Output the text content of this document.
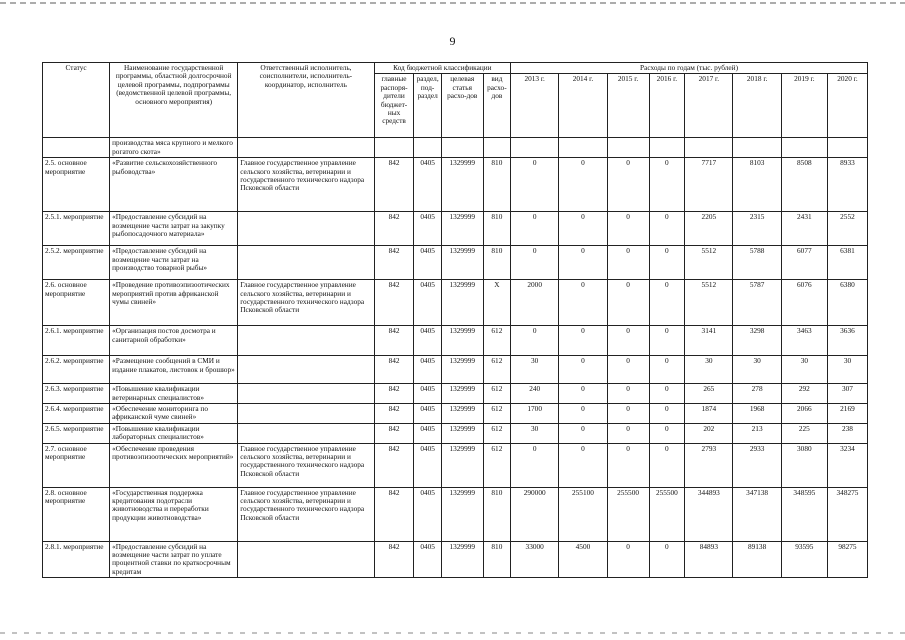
9
Статус	Наименование государственной программы, областной долгосрочной целевой программы, подпрограммы (ведомственной целевой программы, основного мероприятия)	Ответственный исполнитель, соисполнители, исполнитель-координатор, исполнитель	Код бюджетной классификации				Расходы по годам (тыс. рублей)							
			главные распоря-дители бюджет-ных средств	раздел, под-раздел	целевая статья расхо-дов	вид расхо-дов	2013 г.	2014 г.	2015 г.	2016 г.	2017 г.	2018 г.	2019 г.	2020 г.
	производства мяса крупного и мелкого рогатого скота»													
2.5. основное мероприятие	«Развитие сельскохозяйственного рыбоводства»	Главное государственное управление сельского хозяйства, ветеринарии и государственного технического надзора Псковской области	842	0405	1329999	810	0	0	0	0	7717	8103	8508	8933
2.5.1. мероприятие	«Предоставление субсидий на возмещение части затрат на закупку рыбопосадочного материала»		842	0405	1329999	810	0	0	0	0	2205	2315	2431	2552
2.5.2. мероприятие	«Предоставление субсидий на возмещение части затрат на производство товарной рыбы»		842	0405	1329999	810	0	0	0	0	5512	5788	6077	6381
2.6. основное мероприятие	«Проведение противоэпизоотических мероприятий против африканской чумы свиней»	Главное государственное управление сельского хозяйства, ветеринарии и государственного технического надзора Псковской области	842	0405	1329999	Х	2000	0	0	0	5512	5787	6076	6380
2.6.1. мероприятие	«Организация постов досмотра и санитарной обработки»		842	0405	1329999	612	0	0	0	0	3141	3298	3463	3636
2.6.2. мероприятие	«Размещение сообщений в СМИ и издание плакатов, листовок и брошюр»		842	0405	1329999	612	30	0	0	0	30	30	30	30
2.6.3. мероприятие	«Повышение квалификации ветеринарных специалистов»		842	0405	1329999	612	240	0	0	0	265	278	292	307
2.6.4. мероприятие	«Обеспечение мониторинга по африканской чуме свиней»		842	0405	1329999	612	1700	0	0	0	1874	1968	2066	2169
2.6.5. мероприятие	«Повышение квалификации лабораторных специалистов»		842	0405	1329999	612	30	0	0	0	202	213	225	238
2.7. основное мероприятие	«Обеспечение проведения противоэпизоотических мероприятий»	Главное государственное управление сельского хозяйства, ветеринарии и государственного технического надзора Псковской области	842	0405	1329999	612	0	0	0	0	2793	2933	3080	3234
2.8. основное мероприятие	«Государственная поддержка кредитования подотрасли животноводства и переработки продукции животноводства»	Главное государственное управление сельского хозяйства, ветеринарии и государственного технического надзора Псковской области	842	0405	1329999	810	290000	255100	255500	255500	344893	347138	348595	348275
2.8.1. мероприятие	«Предоставление субсидий на возмещение части затрат по уплате процентной ставки по краткосрочным кредитам		842	0405	1329999	810	33000	4500	0	0	84893	89138	93595	98275
